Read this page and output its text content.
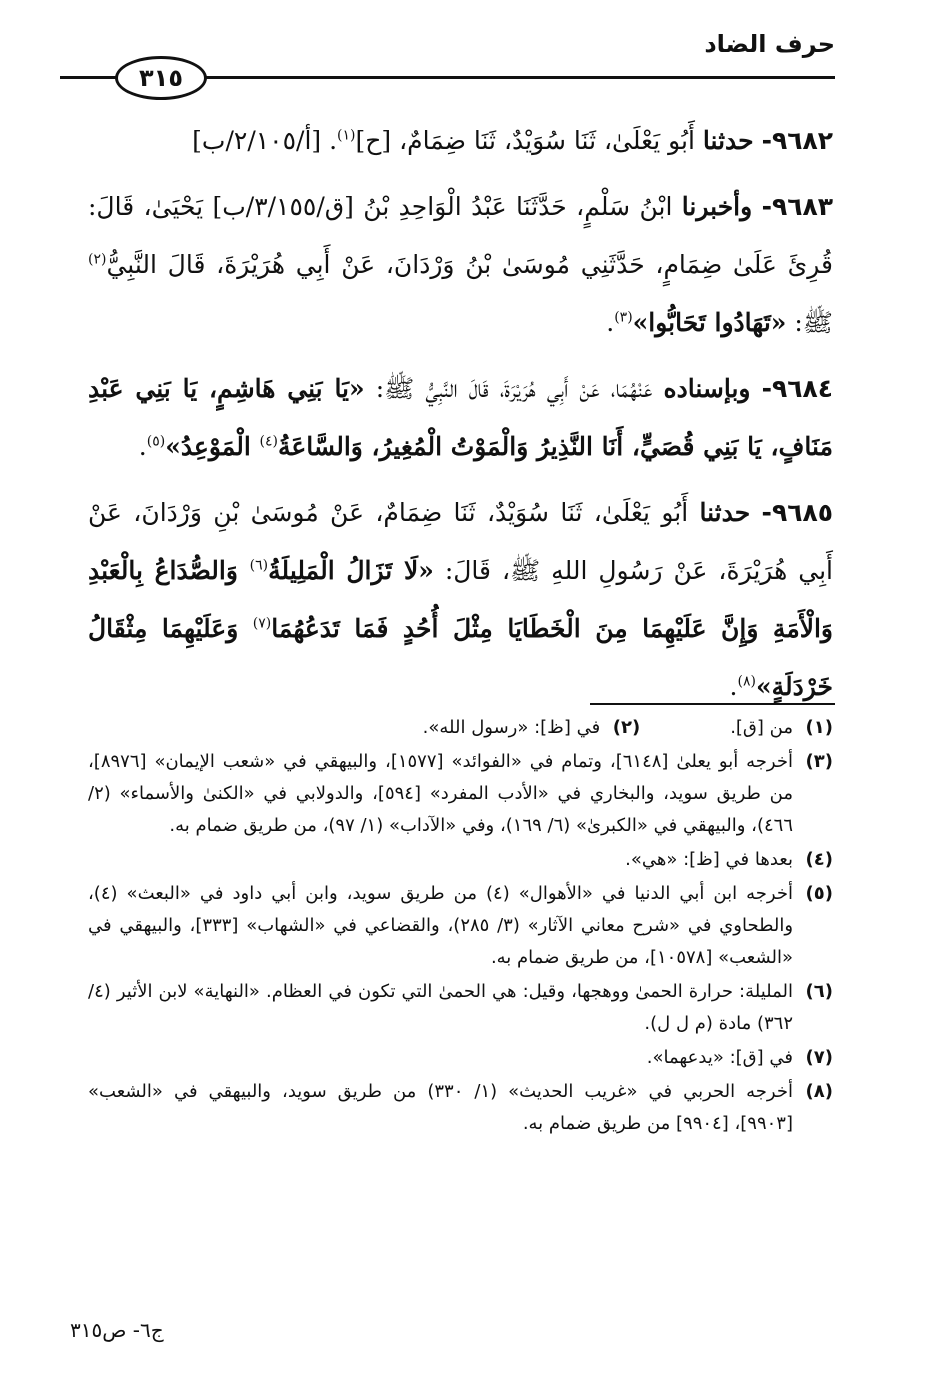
حرف الضاد
٣١٥

٩٦٨٢- حدثنا أَبُو يَعْلَىٰ، ثَنَا سُوَيْدٌ، ثَنَا ضِمَامٌ، [ح]$^{(١)}$. [أ/٢/١٠٥/ب]

٩٦٨٣- وأخبرنا ابْنُ سَلْمٍ، حَدَّثَنَا عَبْدُ الْوَاحِدِ بْنُ [ق/٣/١٥٥/ب] يَحْيَىٰ، قَالَ: قُرِئَ عَلَىٰ ضِمَامٍ، حَدَّثَنِي مُوسَىٰ بْنُ وَرْدَانَ، عَنْ أَبِي هُرَيْرَةَ، قَالَ النَّبِيُّ$^{(٢)}$ ﷺ: «تَهَادُوا تَحَابُّوا»$^{(٣)}$.

٩٦٨٤- وبإسناده عَنْهُمَا، عَنْ أَبِي هُرَيْرَةَ، قَالَ النَّبِيُّ ﷺ: «يَا بَنِي هَاشِمٍ، يَا بَنِي عَبْدِ مَنَافٍ، يَا بَنِي قُصَيٍّ، أَنَا النَّذِيرُ وَالْمَوْتُ الْمُغِيرُ، وَالسَّاعَةُ$^{(٤)}$ الْمَوْعِدُ»$^{(٥)}$.

٩٦٨٥- حدثنا أَبُو يَعْلَىٰ، ثَنَا سُوَيْدٌ، ثَنَا ضِمَامٌ، عَنْ مُوسَىٰ بْنِ وَرْدَانَ، عَنْ أَبِي هُرَيْرَةَ، عَنْ رَسُولِ اللهِ ﷺ، قَالَ: «لَا تَزَالُ الْمَلِيلَةُ$^{(٦)}$ وَالصُّدَاعُ بِالْعَبْدِ وَالْأَمَةِ وَإِنَّ عَلَيْهِمَا مِنَ الْخَطَايَا مِثْلَ أُحُدٍ فَمَا تَدَعُهُمَا$^{(٧)}$ وَعَلَيْهِمَا مِثْقَالُ خَرْدَلَةٍ»$^{(٨)}$.

(١)
من [ق].
(٢)
في [ظ]: «رسول الله».
(٣)
أخرجه أبو يعلىٰ [٦١٤٨]، وتمام في «الفوائد» [١٥٧٧]، والبيهقي في «شعب الإيمان» [٨٩٧٦]، من طريق سويد، والبخاري في «الأدب المفرد» [٥٩٤]، والدولابي في «الكنىٰ والأسماء» (٢/ ٤٦٦)، والبيهقي في «الكبرىٰ» (٦/ ١٦٩)، وفي «الآداب» (١/ ٩٧)، من طريق ضمام به.
(٤)
بعدها في [ظ]: «هي».
(٥)
أخرجه ابن أبي الدنيا في «الأهوال» (٤) من طريق سويد، وابن أبي داود في «البعث» (٤)، والطحاوي في «شرح معاني الآثار» (٣/ ٢٨٥)، والقضاعي في «الشهاب» [٣٣٣]، والبيهقي في «الشعب» [١٠٥٧٨]، من طريق ضمام به.
(٦)
المليلة: حرارة الحمىٰ ووهجها، وقيل: هي الحمىٰ التي تكون في العظام. «النهاية» لابن الأثير (٤/ ٣٦٢) مادة (م ل ل).
(٧)
في [ق]: «يدعهما».
(٨)
أخرجه الحربي في «غريب الحديث» (١/ ٣٣٠) من طريق سويد، والبيهقي في «الشعب» [٩٩٠٣]، [٩٩٠٤] من طريق ضمام به.
ج٦- ص٣١٥
